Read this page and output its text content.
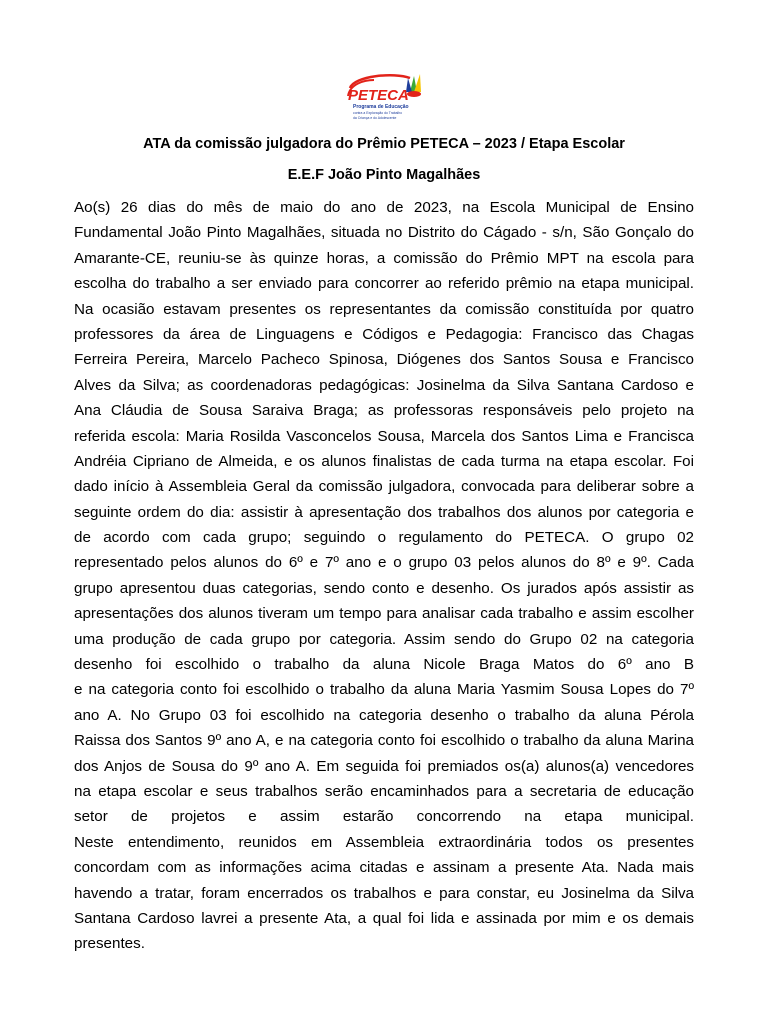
PETECA
Programa de Educação
contra a Exploração do Trabalho
da Criança e do Adolescente
ATA da comissão julgadora do Prêmio PETECA – 2023 / Etapa Escolar
E.E.F João Pinto Magalhães
Ao(s) 26 dias do mês de maio do ano de 2023, na Escola Municipal de Ensino
Fundamental João Pinto Magalhães, situada no Distrito do Cágado - s/n, São Gonçalo do
Amarante-CE, reuniu-se às quinze horas, a comissão do Prêmio MPT na escola para
escolha do trabalho a ser enviado para concorrer ao referido prêmio na etapa municipal.
Na ocasião estavam presentes os representantes da comissão constituída por quatro
professores da área de Linguagens e Códigos e Pedagogia: Francisco das Chagas
Ferreira Pereira, Marcelo Pacheco Spinosa, Diógenes dos Santos Sousa e Francisco
Alves da Silva; as coordenadoras pedagógicas: Josinelma da Silva Santana Cardoso e
Ana Cláudia de Sousa Saraiva Braga; as professoras responsáveis pelo projeto na
referida escola: Maria Rosilda Vasconcelos Sousa, Marcela dos Santos Lima e Francisca
Andréia Cipriano de Almeida, e os alunos finalistas de cada turma na etapa escolar. Foi
dado início à Assembleia Geral da comissão julgadora, convocada para deliberar sobre a
seguinte ordem do dia: assistir à apresentação dos trabalhos dos alunos por categoria e
de acordo com cada grupo; seguindo o regulamento do PETECA. O grupo 02
representado pelos alunos do 6º e 7º ano e o grupo 03 pelos alunos do 8º e 9º. Cada
grupo apresentou duas categorias, sendo conto e desenho. Os jurados após assistir as
apresentações dos alunos tiveram um tempo para analisar cada trabalho e assim escolher
uma produção de cada grupo por categoria. Assim sendo do Grupo 02 na categoria
desenho foi escolhido o trabalho da aluna Nicole Braga Matos do 6º ano B
e na categoria conto foi escolhido o trabalho da aluna Maria Yasmim Sousa Lopes do 7º
ano A. No Grupo 03 foi escolhido na categoria desenho o trabalho da aluna Pérola
Raissa dos Santos 9º ano A, e na categoria conto foi escolhido o trabalho da aluna Marina
dos Anjos de Sousa do 9º ano A. Em seguida foi premiados os(a) alunos(a) vencedores
na etapa escolar e seus trabalhos serão encaminhados para a secretaria de educação
setor de projetos e assim estarão concorrendo na etapa municipal.
Neste entendimento, reunidos em Assembleia extraordinária todos os presentes
concordam com as informações acima citadas e assinam a presente Ata. Nada mais
havendo a tratar, foram encerrados os trabalhos e para constar, eu Josinelma da Silva
Santana Cardoso lavrei a presente Ata, a qual foi lida e assinada por mim e os demais
presentes.
